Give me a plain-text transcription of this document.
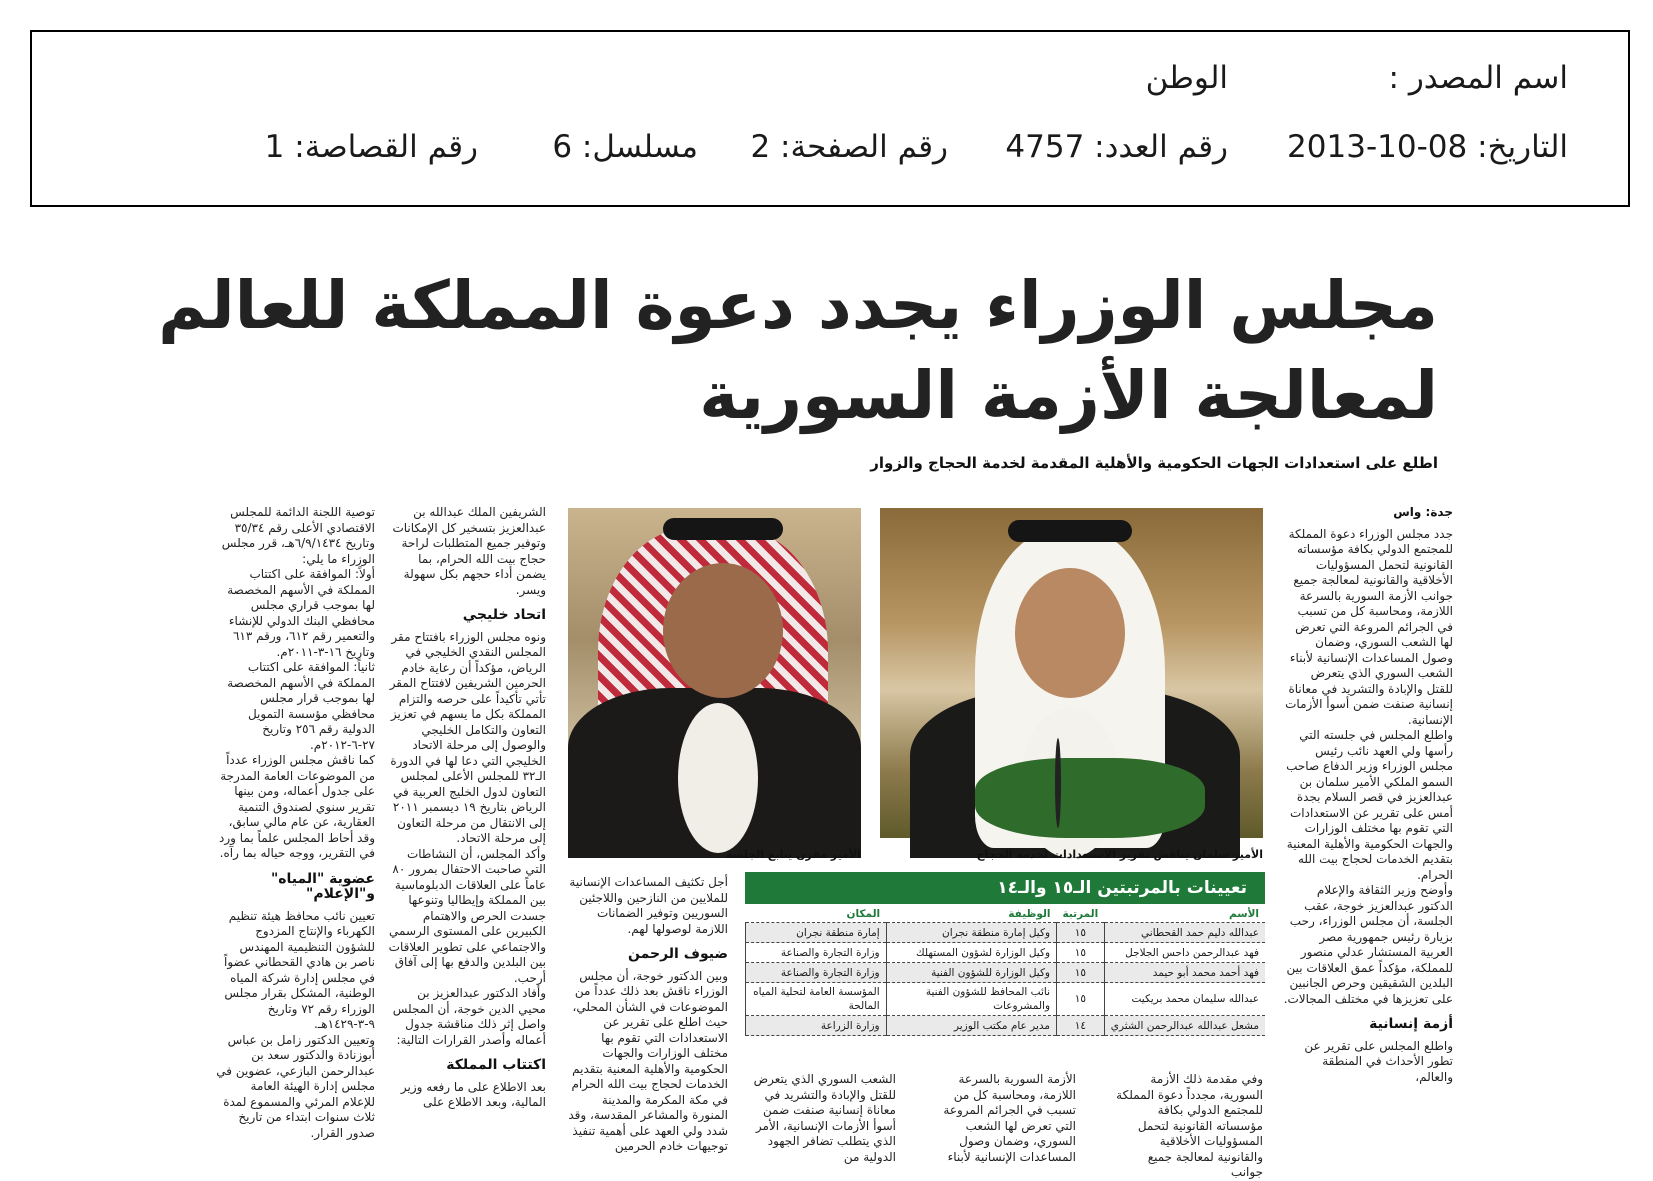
اسم المصدر :
الوطن
التاريخ: 08-10-2013
رقم العدد: 4757
رقم الصفحة: 2
مسلسل: 6
رقم القصاصة: 1
مجلس الوزراء يجدد دعوة المملكة للعالم
لمعالجة الأزمة السورية
اطلع على استعدادات الجهات الحكومية والأهلية المقدمة لخدمة الحجاج والزوار
الأمير سلمان يناقش تقرير الاستعدادات لخدمة الحجاج
الأمير مقرن يتابع الجلسة

جدة: واس

جدد مجلس الوزراء دعوة المملكة للمجتمع الدولي بكافة مؤسساته القانونية لتحمل المسؤوليات الأخلاقية والقانونية لمعالجة جميع جوانب الأزمة السورية بالسرعة اللازمة، ومحاسبة كل من تسبب في الجرائم المروعة التي تعرض لها الشعب السوري، وضمان وصول المساعدات الإنسانية لأبناء الشعب السوري الذي يتعرض للقتل والإبادة والتشريد في معاناة إنسانية صنفت ضمن أسوأ الأزمات الإنسانية.

واطلع المجلس في جلسته التي رأسها ولي العهد نائب رئيس مجلس الوزراء وزير الدفاع صاحب السمو الملكي الأمير سلمان بن عبدالعزيز في قصر السلام بجدة أمس على تقرير عن الاستعدادات التي تقوم بها مختلف الوزارات والجهات الحكومية والأهلية المعنية بتقديم الخدمات لحجاج بيت الله الحرام.

وأوضح وزير الثقافة والإعلام الدكتور عبدالعزيز خوجة، عقب الجلسة، أن مجلس الوزراء، رحب بزيارة رئيس جمهورية مصر العربية المستشار عدلي منصور للمملكة، مؤكداً عمق العلاقات بين البلدين الشقيقين وحرص الجانبين على تعزيزها في مختلف المجالات.

أزمة إنسانية

واطلع المجلس على تقرير عن تطور الأحداث في المنطقة والعالم،

أجل تكثيف المساعدات الإنسانية للملايين من النازحين واللاجئين السوريين وتوفير الضمانات اللازمة لوصولها لهم.

ضيوف الرحمن

وبين الدكتور خوجة، أن مجلس الوزراء ناقش بعد ذلك عدداً من الموضوعات في الشأن المحلي، حيث اطلع على تقرير عن الاستعدادات التي تقوم بها مختلف الوزارات والجهات الحكومية والأهلية المعنية بتقديم الخدمات لحجاج بيت الله الحرام في مكة المكرمة والمدينة المنورة والمشاعر المقدسة، وقد شدد ولي العهد على أهمية تنفيذ توجيهات خادم الحرمين

الشريفين الملك عبدالله بن عبدالعزيز بتسخير كل الإمكانات وتوفير جميع المتطلبات لراحة حجاج بيت الله الحرام، بما يضمن أداء حجهم بكل سهولة ويسر.

اتحاد خليجي

ونوه مجلس الوزراء بافتتاح مقر المجلس النقدي الخليجي في الرياض، مؤكداً أن رعاية خادم الحرمين الشريفين لافتتاح المقر تأتي تأكيداً على حرصه والتزام المملكة بكل ما يسهم في تعزيز التعاون والتكامل الخليجي والوصول إلى مرحلة الاتحاد الخليجي التي دعا لها في الدورة الـ٣٢ للمجلس الأعلى لمجلس التعاون لدول الخليج العربية في الرياض بتاريخ ١٩ ديسمبر ٢٠١١ إلى الانتقال من مرحلة التعاون إلى مرحلة الاتحاد.

وأكد المجلس، أن النشاطات التي صاحبت الاحتفال بمرور ٨٠ عاماً على العلاقات الدبلوماسية بين المملكة وإيطاليا وتنوعها جسدت الحرص والاهتمام الكبيرين على المستوى الرسمي والاجتماعي على تطوير العلاقات بين البلدين والدفع بها إلى آفاق أرحب.

وأفاد الدكتور عبدالعزيز بن محيي الدين خوجة، أن المجلس واصل إثر ذلك مناقشة جدول أعماله وأصدر القرارات التالية:

اكتتاب المملكة

بعد الاطلاع على ما رفعه وزير المالية، وبعد الاطلاع على

توصية اللجنة الدائمة للمجلس الاقتصادي الأعلى رقم ٣٥/٣٤ وتاريخ ٦/٩/١٤٣٤هـ، قرر مجلس الوزراء ما يلي:

أولاً: الموافقة على اكتتاب المملكة في الأسهم المخصصة لها بموجب قراري مجلس محافظي البنك الدولي للإنشاء والتعمير رقم ٦١٢، ورقم ٦١٣ وتاريخ ١٦-٣-٢٠١١م.

ثانياً: الموافقة على اكتتاب المملكة في الأسهم المخصصة لها بموجب قرار مجلس محافظي مؤسسة التمويل الدولية رقم ٢٥٦ وتاريخ ٢٧-٦-٢٠١٢م.

كما ناقش مجلس الوزراء عدداً من الموضوعات العامة المدرجة على جدول أعماله، ومن بينها تقرير سنوي لصندوق التنمية العقارية، عن عام مالي سابق، وقد أحاط المجلس علماً بما ورد في التقرير، ووجه حياله بما رآه.

عضوية "المياه" و"الإعلام"

تعيين نائب محافظ هيئة تنظيم الكهرباء والإنتاج المزدوج للشؤون التنظيمية المهندس ناصر بن هادي القحطاني عضواً في مجلس إدارة شركة المياه الوطنية، المشكل بقرار مجلس الوزراء رقم ٧٢ وتاريخ ٩-٣-١٤٢٩هـ.

وتعيين الدكتور زامل بن عباس أبوزنادة والدكتور سعد بن عبدالرحمن البازعي، عضوين في مجلس إدارة الهيئة العامة للإعلام المرئي والمسموع لمدة ثلاث سنوات ابتداء من تاريخ صدور القرار.

تعيينات بالمرتبتين الـ١٥ والـ١٤
الأسم	المرتبة	الوظيفة	المكان
عبدالله دليم حمد القحطاني	١٥	وكيل إمارة منطقة نجران	إمارة منطقة نجران
فهد عبدالرحمن داحس الجلاجل	١٥	وكيل الوزارة لشؤون المستهلك	وزارة التجارة والصناعة
فهد أحمد محمد أبو حيمد	١٥	وكيل الوزارة للشؤون الفنية	وزارة التجارة والصناعة
عبدالله سليمان محمد بريكيت	١٥	نائب المحافظ للشؤون الفنية والمشروعات	المؤسسة العامة لتحلية المياه المالحة
مشعل عبدالله عبدالرحمن الشثري	١٤	مدير عام مكتب الوزير	وزارة الزراعة
وفي مقدمة ذلك الأزمة السورية، مجدداً دعوة المملكة للمجتمع الدولي بكافة مؤسساته القانونية لتحمل المسؤوليات الأخلاقية والقانونية لمعالجة جميع جوانب
الأزمة السورية بالسرعة اللازمة، ومحاسبة كل من تسبب في الجرائم المروعة التي تعرض لها الشعب السوري، وضمان وصول المساعدات الإنسانية لأبناء
الشعب السوري الذي يتعرض للقتل والإبادة والتشريد في معاناة إنسانية صنفت ضمن أسوأ الأزمات الإنسانية، الأمر الذي يتطلب تضافر الجهود الدولية من
